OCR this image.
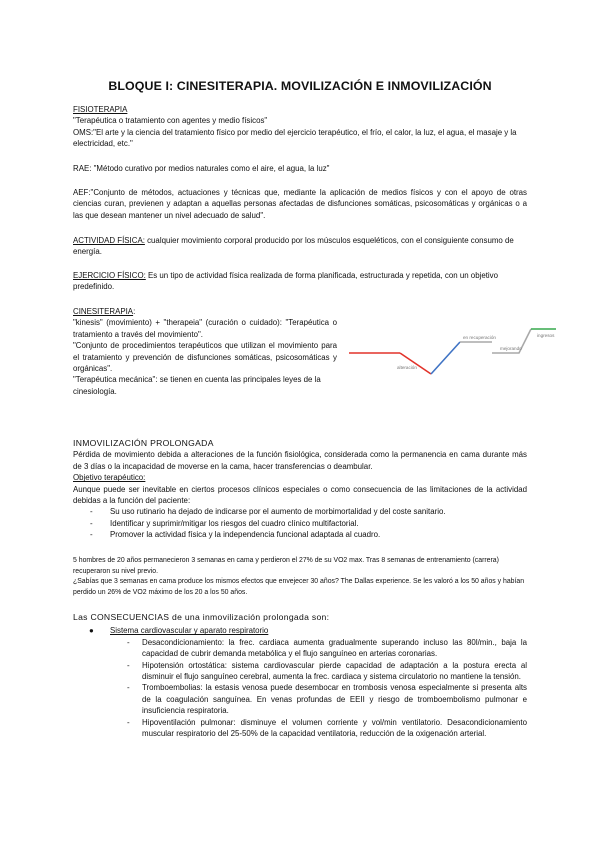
BLOQUE I: CINESITERAPIA. MOVILIZACIÓN E INMOVILIZACIÓN
FISIOTERAPIA
"Terapéutica o tratamiento con agentes y medio físicos"
OMS:"El arte y la ciencia del tratamiento físico por medio del ejercicio terapéutico, el frío, el calor, la luz, el agua, el masaje y la electricidad, etc."
RAE: "Método curativo por medios naturales como el aire, el agua, la luz"
AEF:"Conjunto de métodos, actuaciones y técnicas que, mediante la aplicación de medios físicos y con el apoyo de otras ciencias curan, previenen y adaptan a aquellas personas afectadas de disfunciones somáticas, psicosomáticas y orgánicas o a las que desean mantener un nivel adecuado de salud".
ACTIVIDAD FÍSICA: cualquier movimiento corporal producido por los músculos esqueléticos, con el consiguiente consumo de energía.
EJERCICIO FÍSICO: Es un tipo de actividad física realizada de forma planificada, estructurada y repetida, con un objetivo predefinido.
CINESITERAPIA:
"kinesis" (movimiento) + "therapeia" (curación o cuidado): "Terapéutica o tratamiento a través del movimiento".
"Conjunto de procedimientos terapéuticos que utilizan el movimiento para el tratamiento y prevención de disfunciones somáticas, psicosomáticas y orgánicas".
"Terapéutica mecánica": se tienen en cuenta las principales leyes de la cinesiología.
alteración
en recuperación
mejorando
ingresos
INMOVILIZACIÓN PROLONGADA
Pérdida de movimiento debida a alteraciones de la función fisiológica, considerada como la permanencia en cama durante más de 3 días o la incapacidad de moverse en la cama, hacer transferencias o deambular.
Objetivo terapéutico:
Aunque puede ser inevitable en ciertos procesos clínicos especiales o como consecuencia de las limitaciones de la actividad debidas a la función del paciente:
- Su uso rutinario ha dejado de indicarse por el aumento de morbimortalidad y del coste sanitario.
- Identificar y suprimir/mitigar los riesgos del cuadro clínico multifactorial.
- Promover la actividad física y la independencia funcional adaptada al cuadro.
5 hombres de 20 años permanecieron 3 semanas en cama y perdieron el 27% de su VO2 max. Tras 8 semanas de entrenamiento (carrera) recuperaron su nivel previo.
¿Sabías que 3 semanas en cama produce los mismos efectos que envejecer 30 años? The Dallas experience. Se les valoró a los 50 años y habían perdido un 26% de VO2 máximo de los 20 a los 50 años.
Las CONSECUENCIAS de una inmovilización prolongada son:
● Sistema cardiovascular y aparato respiratorio
- Desacondicionamiento: la frec. cardiaca aumenta gradualmente superando incluso las 80l/min., baja la capacidad de cubrir demanda metabólica y el flujo sanguíneo en arterias coronarias.
- Hipotensión ortostática: sistema cardiovascular pierde capacidad de adaptación a la postura erecta al disminuir el flujo sanguíneo cerebral, aumenta la frec. cardiaca y sistema circulatorio no mantiene la tensión.
- Tromboembolias: la estasis venosa puede desembocar en trombosis venosa especialmente si presenta alts de la coagulación sanguínea. En venas profundas de EEII y riesgo de tromboembolismo pulmonar e insuficiencia respiratoria.
- Hipoventilación pulmonar: disminuye el volumen corriente y vol/min ventilatorio. Desacondicionamiento muscular respiratorio del 25-50% de la capacidad ventilatoria, reducción de la oxigenación arterial.
